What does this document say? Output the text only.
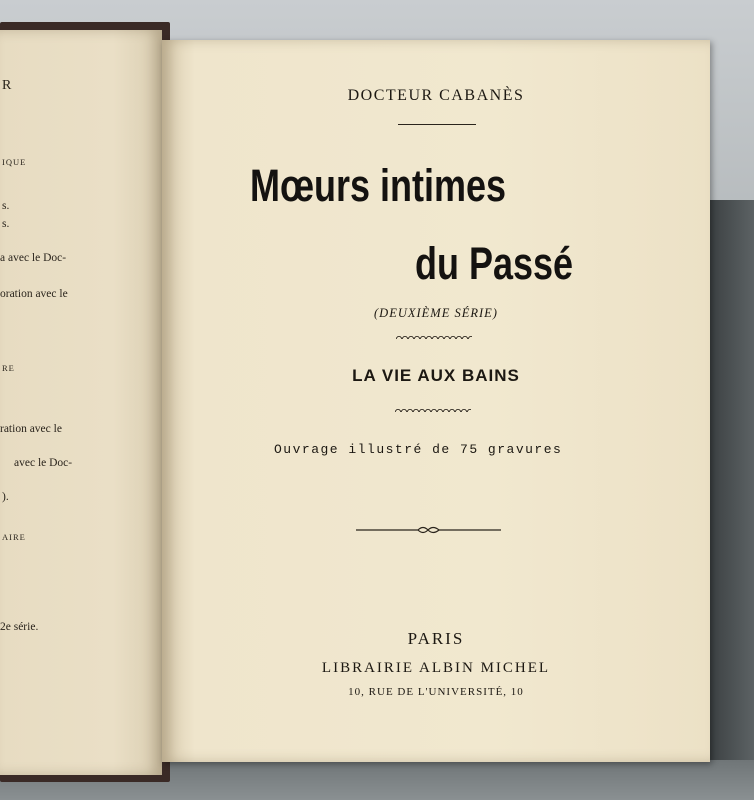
R
IQUE
s.
s.
a avec le Doc-
oration avec le
RE
ration avec le
avec le Doc-
).
AIRE
2e série.
DOCTEUR CABANÈS
Mœurs intimes
du Passé
(DEUXIÈME SÉRIE)
LA VIE AUX BAINS
Ouvrage illustré de 75 gravures
PARIS
LIBRAIRIE ALBIN MICHEL
10, RUE DE L'UNIVERSITÉ, 10
